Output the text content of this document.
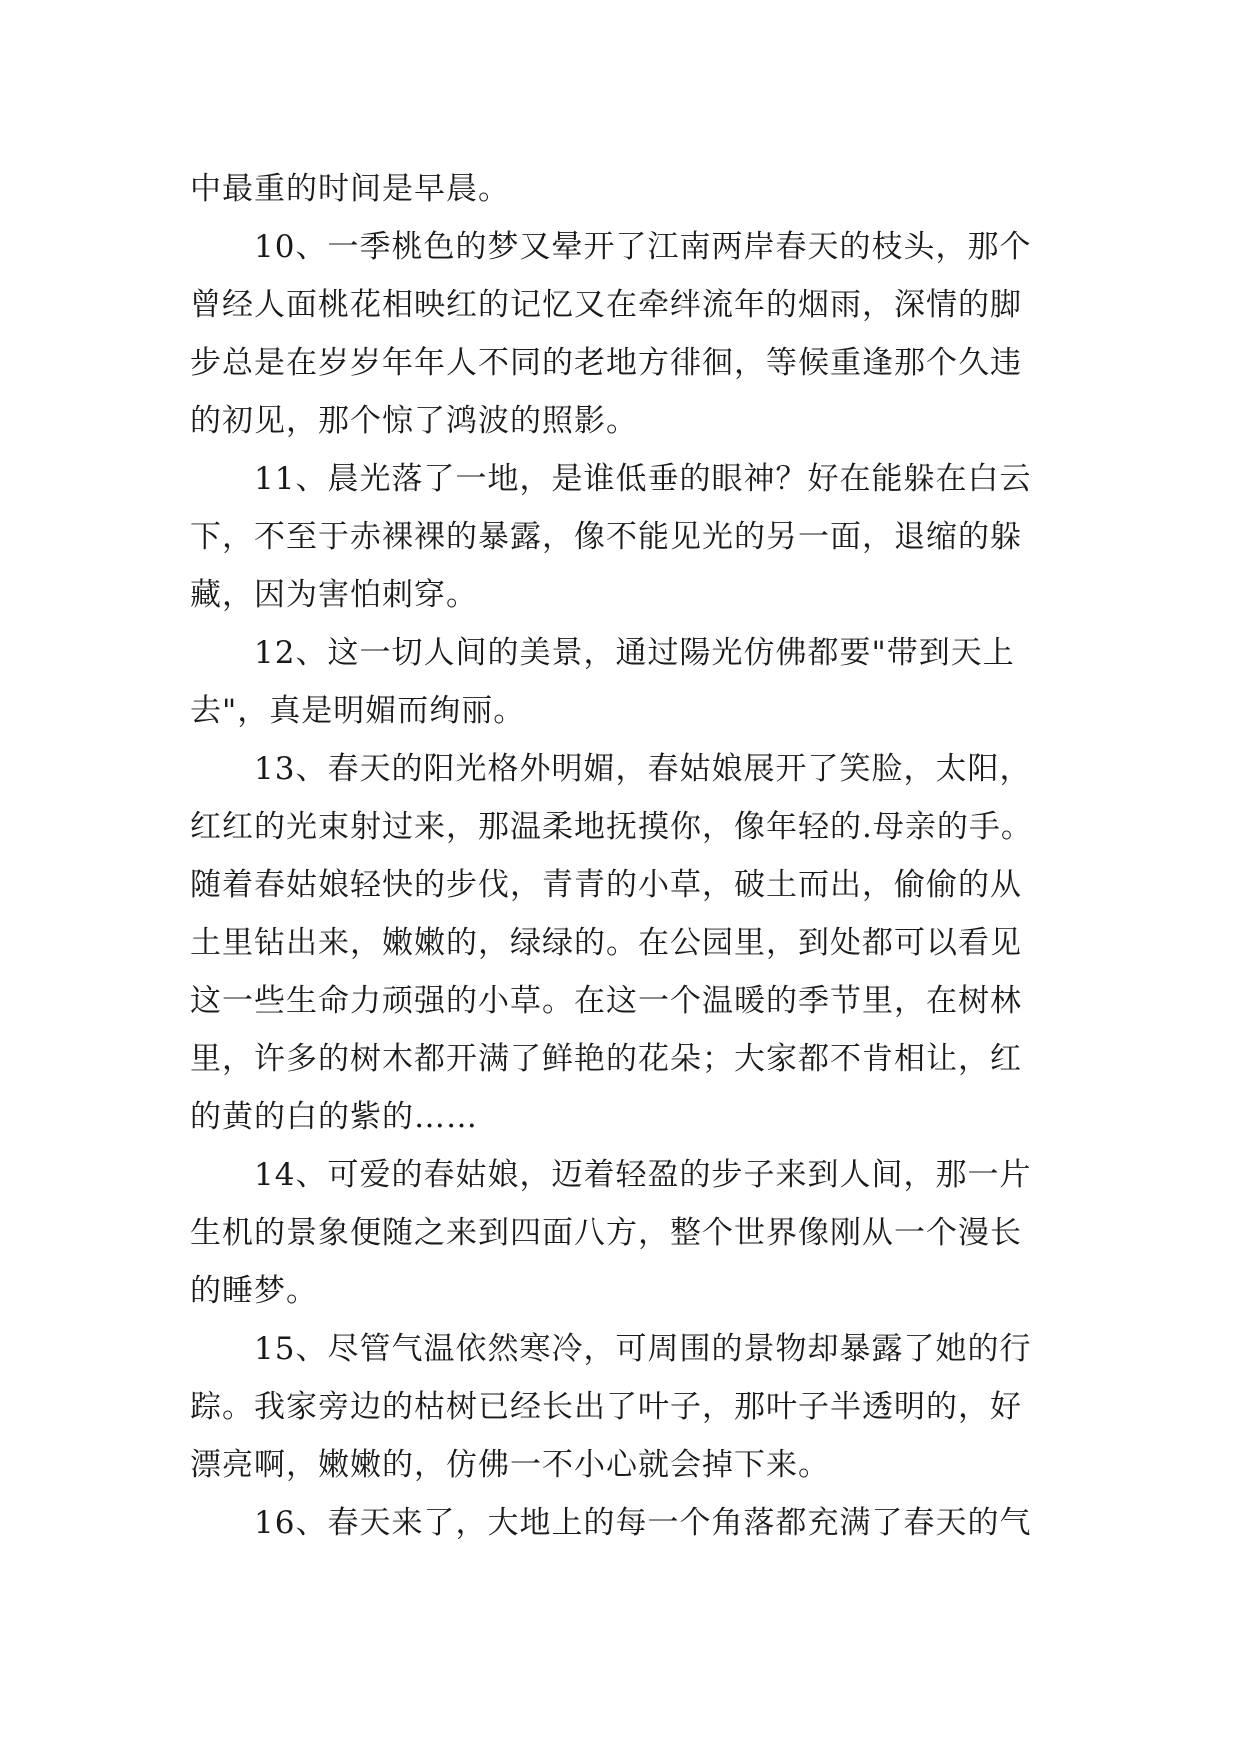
中最重的时间是早晨。
10、一季桃色的梦又晕开了江南两岸春天的枝头，那个
曾经人面桃花相映红的记忆又在牵绊流年的烟雨，深情的脚
步总是在岁岁年年人不同的老地方徘徊，等候重逢那个久违
的初见，那个惊了鸿波的照影。
11、晨光落了一地，是谁低垂的眼神？好在能躲在白云
下，不至于赤裸裸的暴露，像不能见光的另一面，退缩的躲
藏，因为害怕刺穿。
12、这一切人间的美景，通过陽光仿佛都要"带到天上
去"，真是明媚而绚丽。
13、春天的阳光格外明媚，春姑娘展开了笑脸，太阳，
红红的光束射过来，那温柔地抚摸你，像年轻的.母亲的手。
随着春姑娘轻快的步伐，青青的小草，破土而出，偷偷的从
土里钻出来，嫩嫩的，绿绿的。在公园里，到处都可以看见
这一些生命力顽强的小草。在这一个温暖的季节里，在树林
里，许多的树木都开满了鲜艳的花朵；大家都不肯相让，红
的黄的白的紫的……
14、可爱的春姑娘，迈着轻盈的步子来到人间，那一片
生机的景象便随之来到四面八方，整个世界像刚从一个漫长
的睡梦。
15、尽管气温依然寒冷，可周围的景物却暴露了她的行
踪。我家旁边的枯树已经长出了叶子，那叶子半透明的，好
漂亮啊，嫩嫩的，仿佛一不小心就会掉下来。
16、春天来了，大地上的每一个角落都充满了春天的气
